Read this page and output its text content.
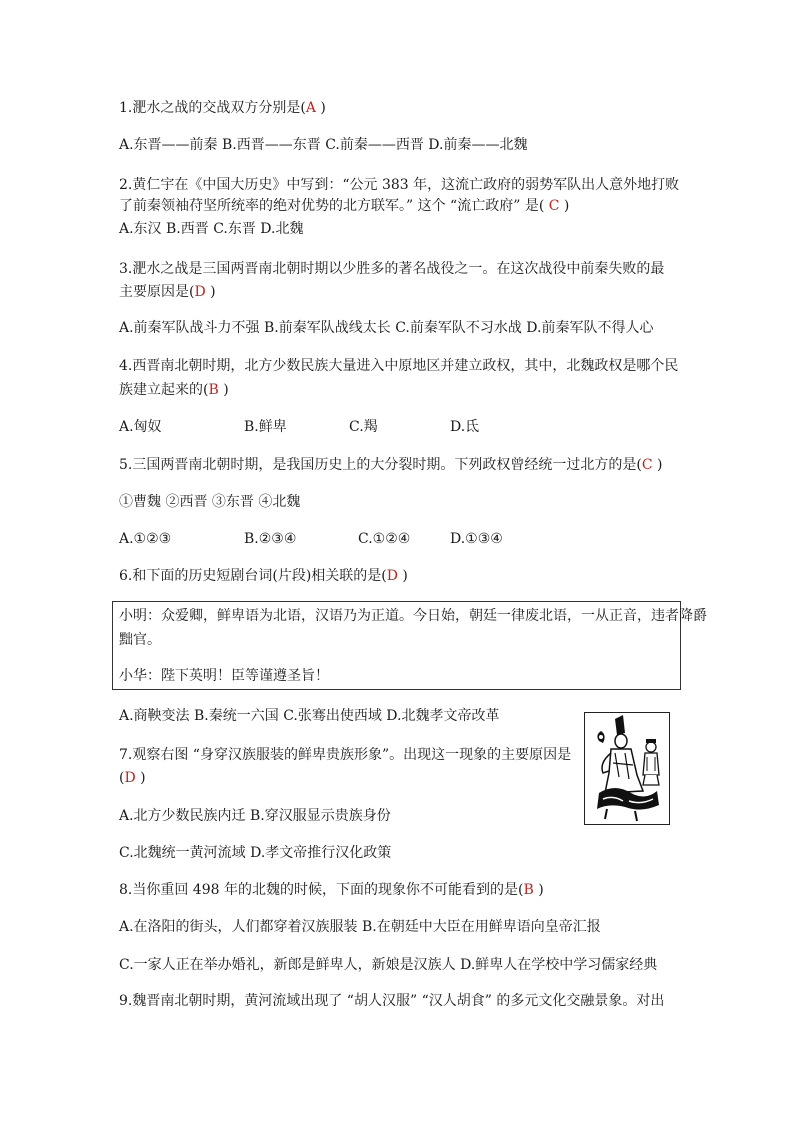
1.淝水之战的交战双方分别是(A )
A.东晋——前秦 B.西晋——东晋 C.前秦——西晋 D.前秦——北魏
2.黄仁宇在《中国大历史》中写到：“公元 383 年，这流亡政府的弱势军队出人意外地打败
了前秦领袖苻坚所统率的绝对优势的北方联军。” 这个 “流亡政府” 是( C )
A.东汉 B.西晋 C.东晋 D.北魏
3.淝水之战是三国两晋南北朝时期以少胜多的著名战役之一。在这次战役中前秦失败的最
主要原因是(D )
A.前秦军队战斗力不强 B.前秦军队战线太长 C.前秦军队不习水战 D.前秦军队不得人心
4.西晋南北朝时期，北方少数民族大量进入中原地区并建立政权，其中，北魏政权是哪个民
族建立起来的(B )
A.匈奴	B.鲜卑	C.羯	D.氐
5.三国两晋南北朝时期，是我国历史上的大分裂时期。下列政权曾经统一过北方的是(C )
①曹魏 ②西晋 ③东晋 ④北魏
A.①②③	B.②③④	C.①②④	D.①③④
6.和下面的历史短剧台词(片段)相关联的是(D )
小明：众爱卿，鲜卑语为北语，汉语乃为正道。今日始，朝廷一律废北语，一从正音，违者降爵
黜官。
小华：陛下英明！臣等谨遵圣旨！
A.商鞅变法 B.秦统一六国 C.张骞出使西域 D.北魏孝文帝改革
7.观察右图 “身穿汉族服装的鲜卑贵族形象”。出现这一现象的主要原因是
(D )
A.北方少数民族内迁 B.穿汉服显示贵族身份
C.北魏统一黄河流域 D.孝文帝推行汉化政策
8.当你重回 498 年的北魏的时候，下面的现象你不可能看到的是(B )
A.在洛阳的街头，人们都穿着汉族服装 B.在朝廷中大臣在用鲜卑语向皇帝汇报
C.一家人正在举办婚礼，新郎是鲜卑人，新娘是汉族人 D.鲜卑人在学校中学习儒家经典
9.魏晋南北朝时期，黄河流域出现了 “胡人汉服” “汉人胡食” 的多元文化交融景象。对出
